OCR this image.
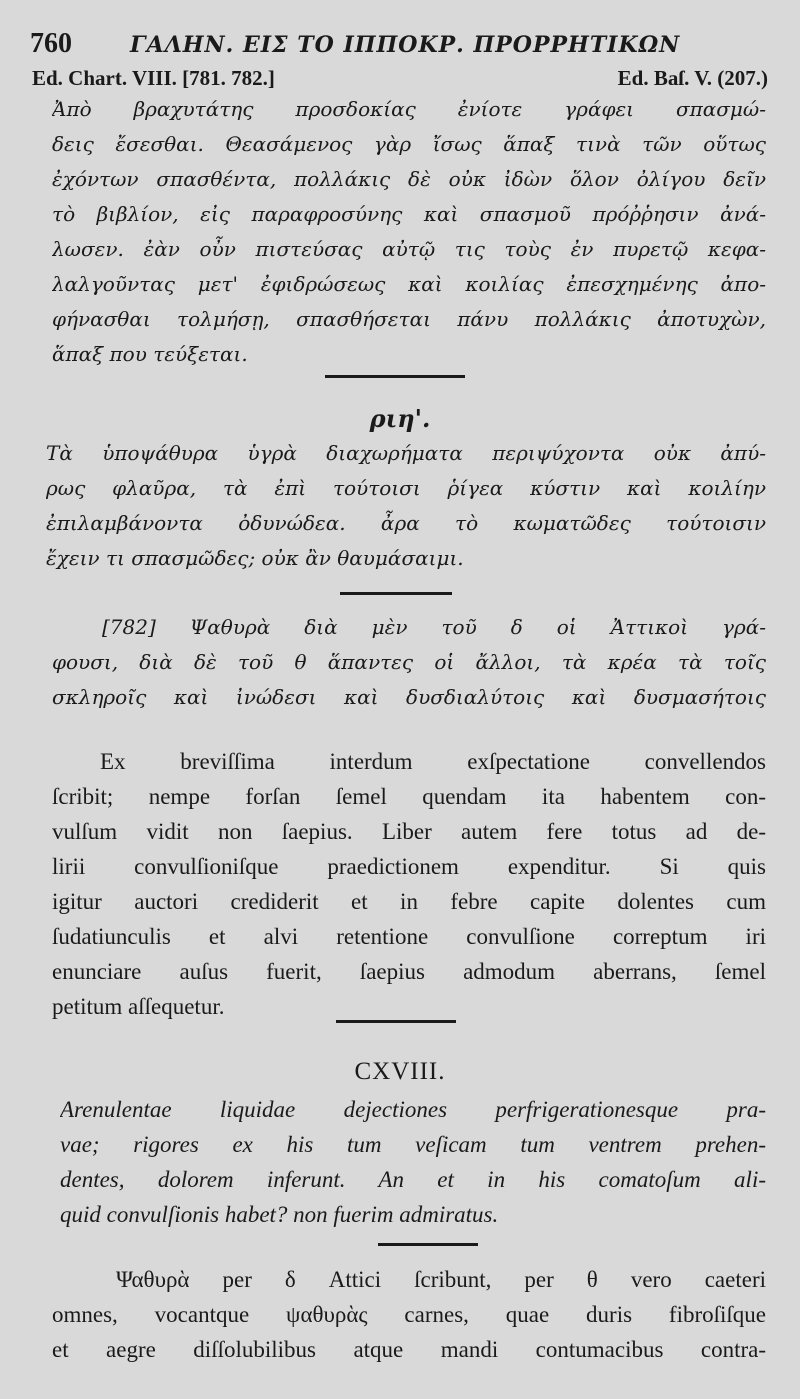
760	ΓΑΛΗΝ. ΕΙΣ ΤΟ ΙΠΠΟΚΡ. ΠΡΟΡΡΗΤΙΚΩΝ
Ed. Chart. VIII. [781. 782.]	Ed. Baſ. V. (207.)
Ἀπὸ βραχυτάτης προσδοκίας ἐνίοτε γράφει σπασμώ-
δεις ἔσεσθαι. Θεασάμενος γὰρ ἴσως ἅπαξ τινὰ τῶν οὕτως
ἐχόντων σπασθέντα, πολλάκις δὲ οὐκ ἰδὼν ὅλον ὀλίγου δεῖν
τὸ βιβλίον, εἰς παραφροσύνης καὶ σπασμοῦ πρόῤῥησιν ἀνά-
λωσεν. ἐὰν οὖν πιστεύσας αὐτῷ τις τοὺς ἐν πυρετῷ κεφα-
λαλγοῦντας μετ' ἐφιδρώσεως καὶ κοιλίας ἐπεσχημένης ἀπο-
φήνασθαι τολμήσῃ, σπασθήσεται πάνυ πολλάκις ἀποτυχὼν,
ἅπαξ που τεύξεται.
ριη'.
Τὰ ὑποψάθυρα ὑγρὰ διαχωρήματα περιψύχοντα οὐκ ἀπύ-
ρως φλαῦρα, τὰ ἐπὶ τούτοισι ῥίγεα κύστιν καὶ κοιλίην
ἐπιλαμβάνοντα ὀδυνώδεα. ἆρα τὸ κωματῶδες τούτοισιν
ἔχειν τι σπασμῶδες; οὐκ ἂν θαυμάσαιμι.
[782] Ψαθυρὰ διὰ μὲν τοῦ δ οἱ Ἀττικοὶ γρά-
φουσι, διὰ δὲ τοῦ θ ἅπαντες οἱ ἄλλοι, τὰ κρέα τὰ τοῖς
σκληροῖς καὶ ἰνώδεσι καὶ δυσδιαλύτοις καὶ δυσμασήτοις
Ex breviſſima interdum exſpectatione convellendos
ſcribit; nempe forſan ſemel quendam ita habentem con-
vulſum vidit non ſaepius. Liber autem fere totus ad de-
lirii convulſioniſque praedictionem expenditur. Si quis
igitur auctori crediderit et in febre capite dolentes cum
ſudatiunculis et alvi retentione convulſione correptum iri
enunciare auſus fuerit, ſaepius admodum aberrans, ſemel
petitum aſſequetur.
CXVIII.
Arenulentae liquidae dejectiones perfrigerationesque pra-
vae; rigores ex his tum veſicam tum ventrem prehen-
dentes, dolorem inferunt. An et in his comatoſum ali-
quid convulſionis habet? non fuerim admiratus.
Ψαθυρὰ per δ Attici ſcribunt, per θ vero caeteri
omnes, vocantque ψαθυρὰς carnes, quae duris fibroſiſque
et aegre diſſolubilibus atque mandi contumacibus contra-
